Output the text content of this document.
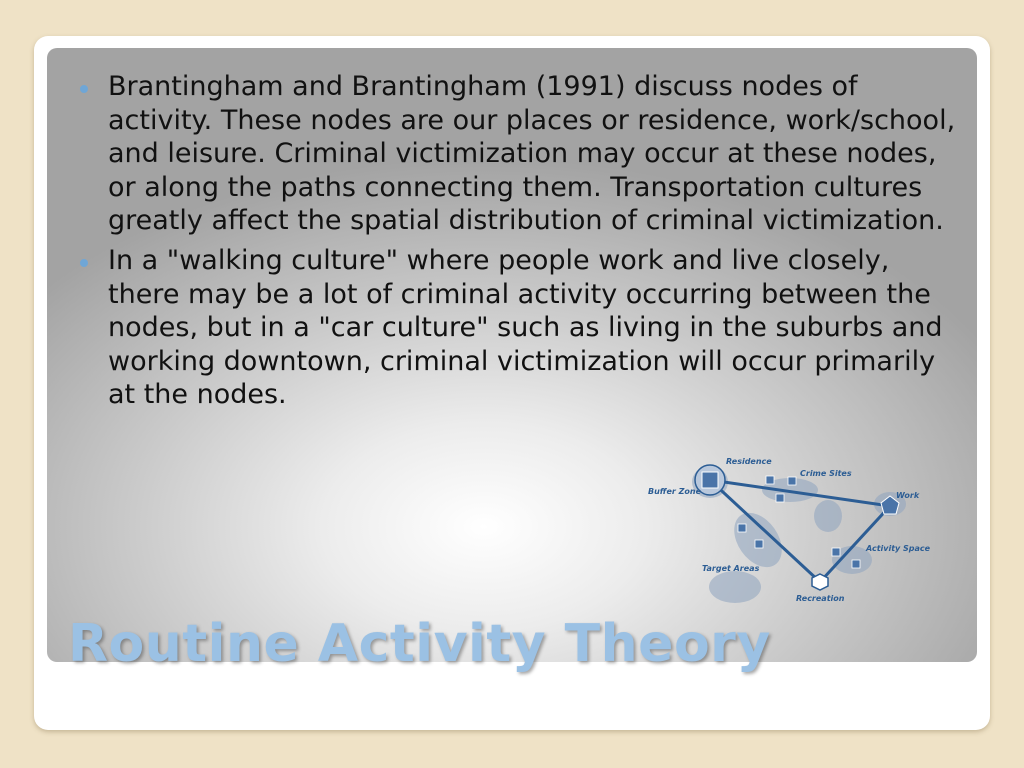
Brantingham and Brantingham (1991) discuss nodes of activity. These nodes are our places or residence, work/school, and leisure. Criminal victimization may occur at these nodes, or along the paths connecting them. Transportation cultures greatly affect the spatial distribution of criminal victimization.
In a "walking culture" where people work and live closely, there may be a lot of criminal activity occurring between the nodes, but in a "car culture" such as living in the suburbs and working downtown, criminal victimization will occur primarily at the nodes.
Residence
Crime Sites
Buffer Zone	Work
Activity Space
Target Areas
Recreation
Routine Activity Theory
